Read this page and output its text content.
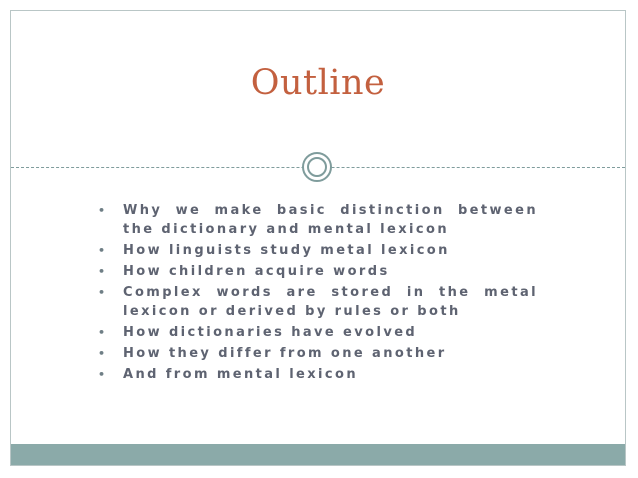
Outline
• Why we make basic distinction between the dictionary and mental lexicon
• How linguists study metal lexicon
• How children acquire words
• Complex words are stored in the metal lexicon or derived by rules or both
• How dictionaries have evolved
• How they differ from one another
• And from mental lexicon
